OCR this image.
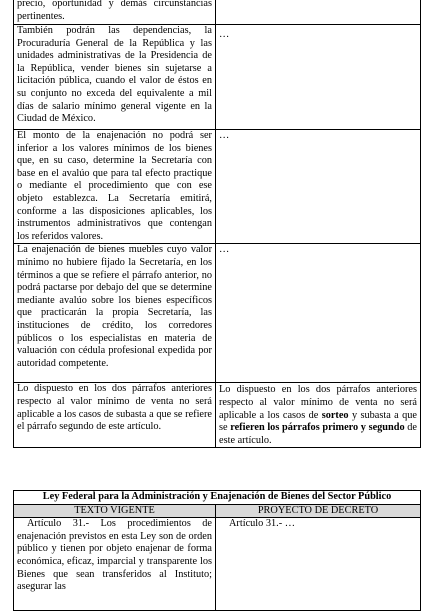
precio, oportunidad y demás circunstancias pertinentes.	

También podrán las dependencias, la Procuraduría General de la República y las unidades administrativas de la Presidencia de la República, vender bienes sin sujetarse a licitación pública, cuando el valor de éstos en su conjunto no exceda del equivalente a mil días de salario mínimo general vigente en la Ciudad de México.	…

El monto de la enajenación no podrá ser inferior a los valores mínimos de los bienes que, en su caso, determine la Secretaría con base en el avalúo que para tal efecto practique o mediante el procedimiento que con ese objeto establezca. La Secretaría emitirá, conforme a las disposiciones aplicables, los instrumentos administrativos que contengan los referidos valores.	…

La enajenación de bienes muebles cuyo valor mínimo no hubiere fijado la Secretaría, en los términos a que se refiere el párrafo anterior, no podrá pactarse por debajo del que se determine mediante avalúo sobre los bienes específicos que practicarán la propia Secretaría, las instituciones de crédito, los corredores públicos o los especialistas en materia de valuación con cédula profesional expedida por autoridad competente.	…

Lo dispuesto en los dos párrafos anteriores respecto al valor mínimo de venta no será aplicable a los casos de subasta a que se refiere el párrafo segundo de este artículo.	Lo dispuesto en los dos párrafos anteriores respecto al valor mínimo de venta no será aplicable a los casos de sorteo y subasta a que se refieren los párrafos primero y segundo de este artículo.

Ley Federal para la Administración y Enajenación de Bienes del Sector Público	
TEXTO VIGENTE	PROYECTO DE DECRETO

Artículo 31.- Los procedimientos de enajenación previstos en esta Ley son de orden público y tienen por objeto enajenar de forma económica, eficaz, imparcial y transparente los Bienes que sean transferidos al Instituto; asegurar las	Artículo 31.- …
